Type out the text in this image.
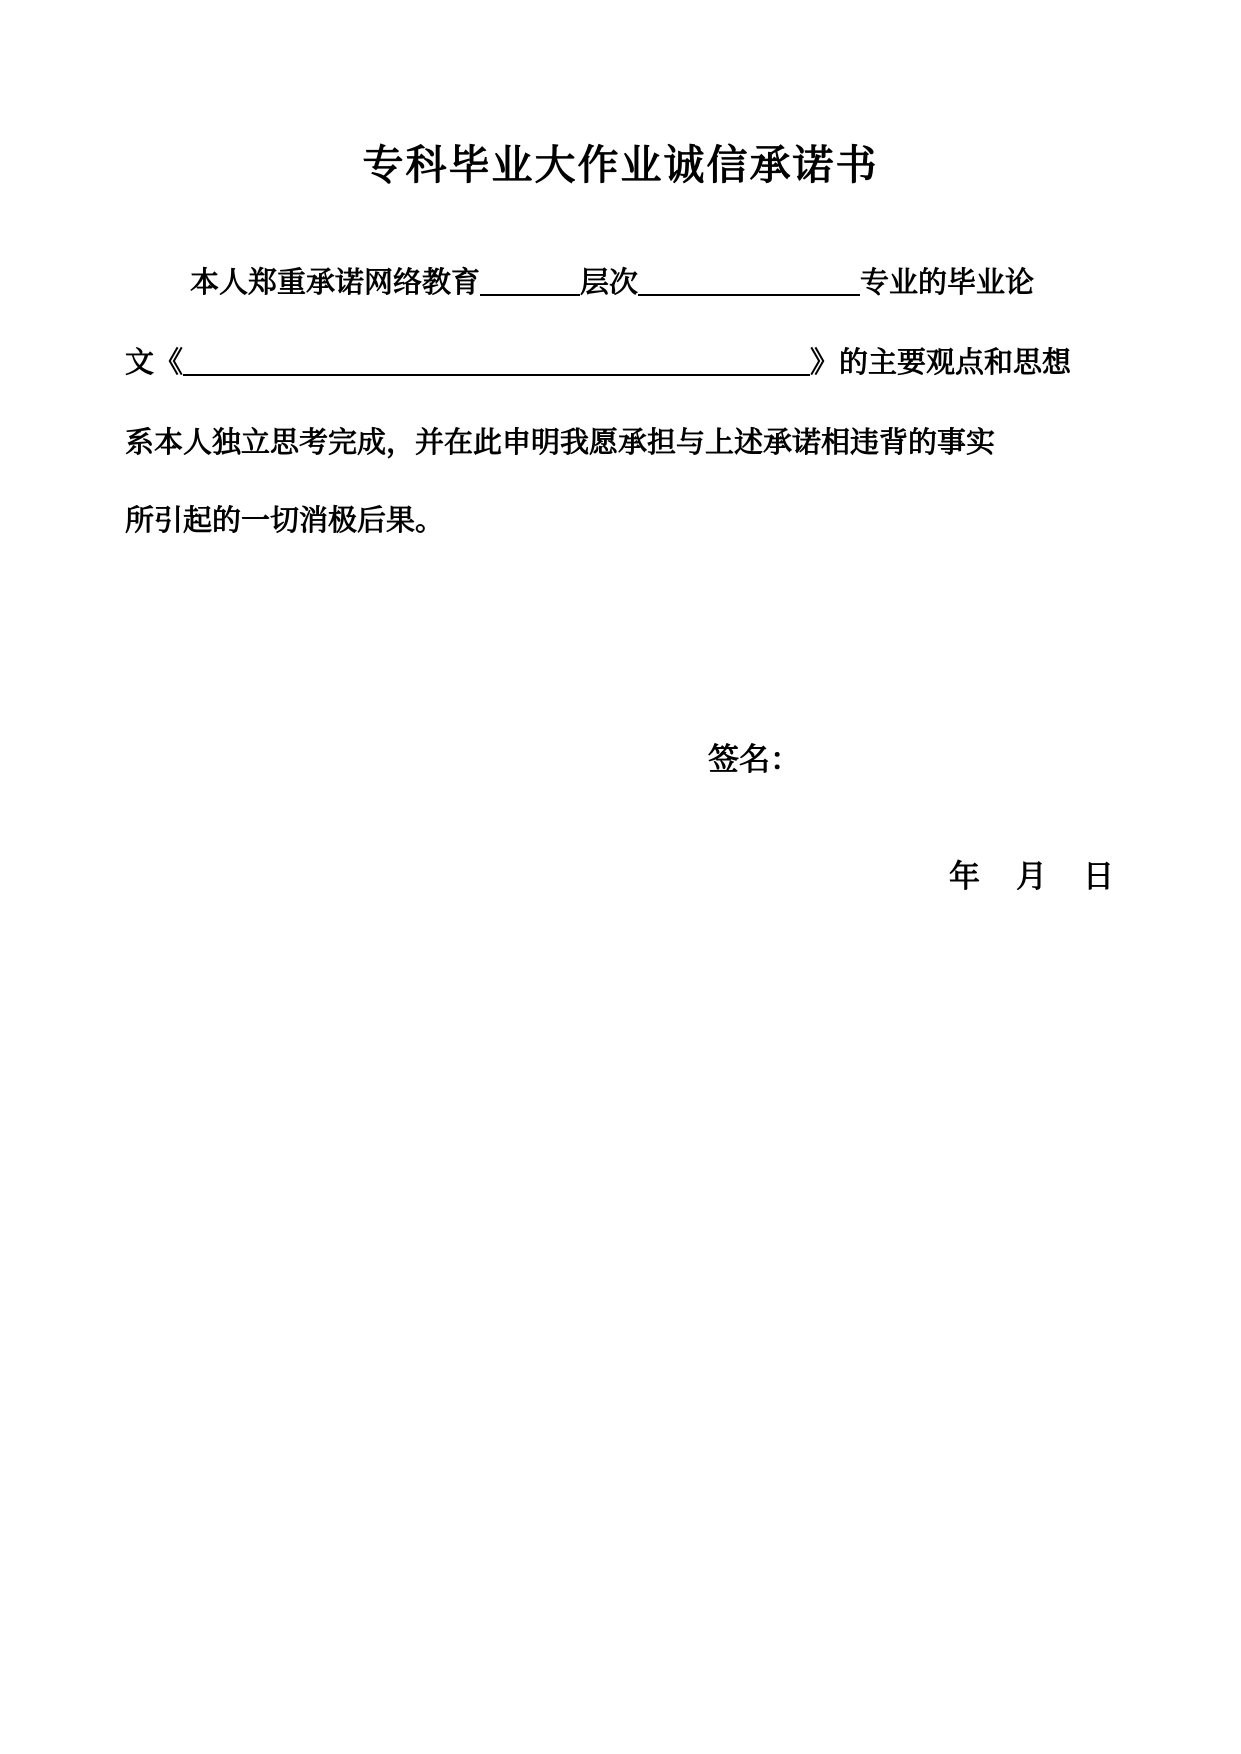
专科毕业大作业诚信承诺书
本人郑重承诺网络教育	层次	专业的毕业论
文《	》的主要观点和思想
系本人独立思考完成，并在此申明我愿承担与上述承诺相违背的事实
所引起的一切消极后果。
签名：
年 月 日
